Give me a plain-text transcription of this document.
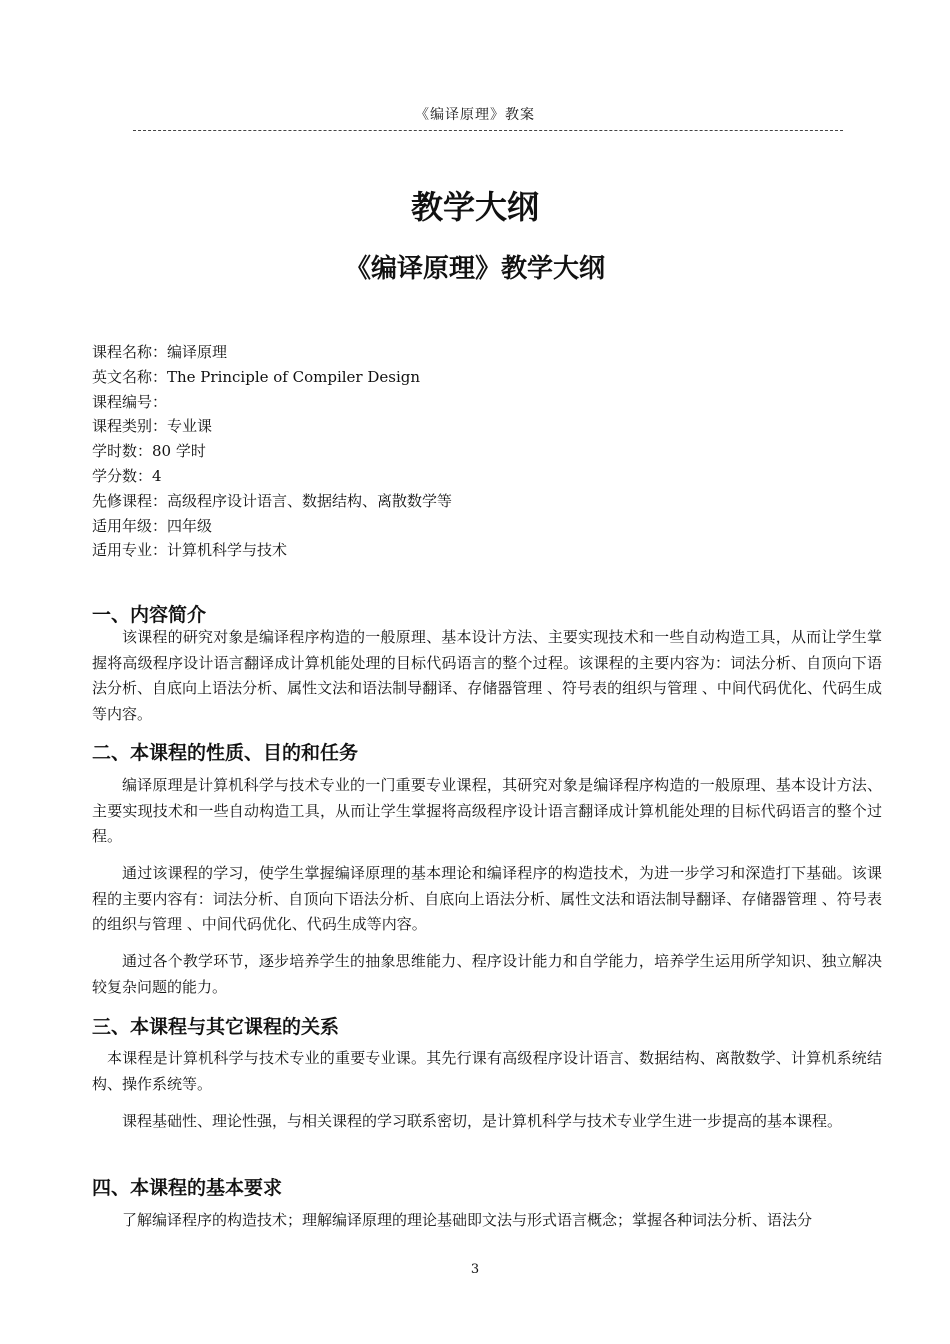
《编译原理》教案
教学大纲
《编译原理》教学大纲
课程名称：编译原理
英文名称：The Principle of Compiler Design
课程编号：
课程类别：专业课
学时数：80 学时
学分数：4
先修课程：高级程序设计语言、数据结构、离散数学等
适用年级：四年级
适用专业：计算机科学与技术
一、内容简介
该课程的研究对象是编译程序构造的一般原理、基本设计方法、主要实现技术和一些自动构造工具，从而让学生掌握将高级程序设计语言翻译成计算机能处理的目标代码语言的整个过程。该课程的主要内容为：词法分析、自顶向下语法分析、自底向上语法分析、属性文法和语法制导翻译、存储器管理 、符号表的组织与管理 、中间代码优化、代码生成等内容。
二、本课程的性质、目的和任务
编译原理是计算机科学与技术专业的一门重要专业课程，其研究对象是编译程序构造的一般原理、基本设计方法、主要实现技术和一些自动构造工具，从而让学生掌握将高级程序设计语言翻译成计算机能处理的目标代码语言的整个过程。
通过该课程的学习，使学生掌握编译原理的基本理论和编译程序的构造技术，为进一步学习和深造打下基础。该课程的主要内容有：词法分析、自顶向下语法分析、自底向上语法分析、属性文法和语法制导翻译、存储器管理 、符号表的组织与管理 、中间代码优化、代码生成等内容。
通过各个教学环节，逐步培养学生的抽象思维能力、程序设计能力和自学能力，培养学生运用所学知识、独立解决较复杂问题的能力。
三、本课程与其它课程的关系
本课程是计算机科学与技术专业的重要专业课。其先行课有高级程序设计语言、数据结构、离散数学、计算机系统结构、操作系统等。
课程基础性、理论性强，与相关课程的学习联系密切，是计算机科学与技术专业学生进一步提高的基本课程。
四、本课程的基本要求
了解编译程序的构造技术；理解编译原理的理论基础即文法与形式语言概念；掌握各种词法分析、语法分
3
